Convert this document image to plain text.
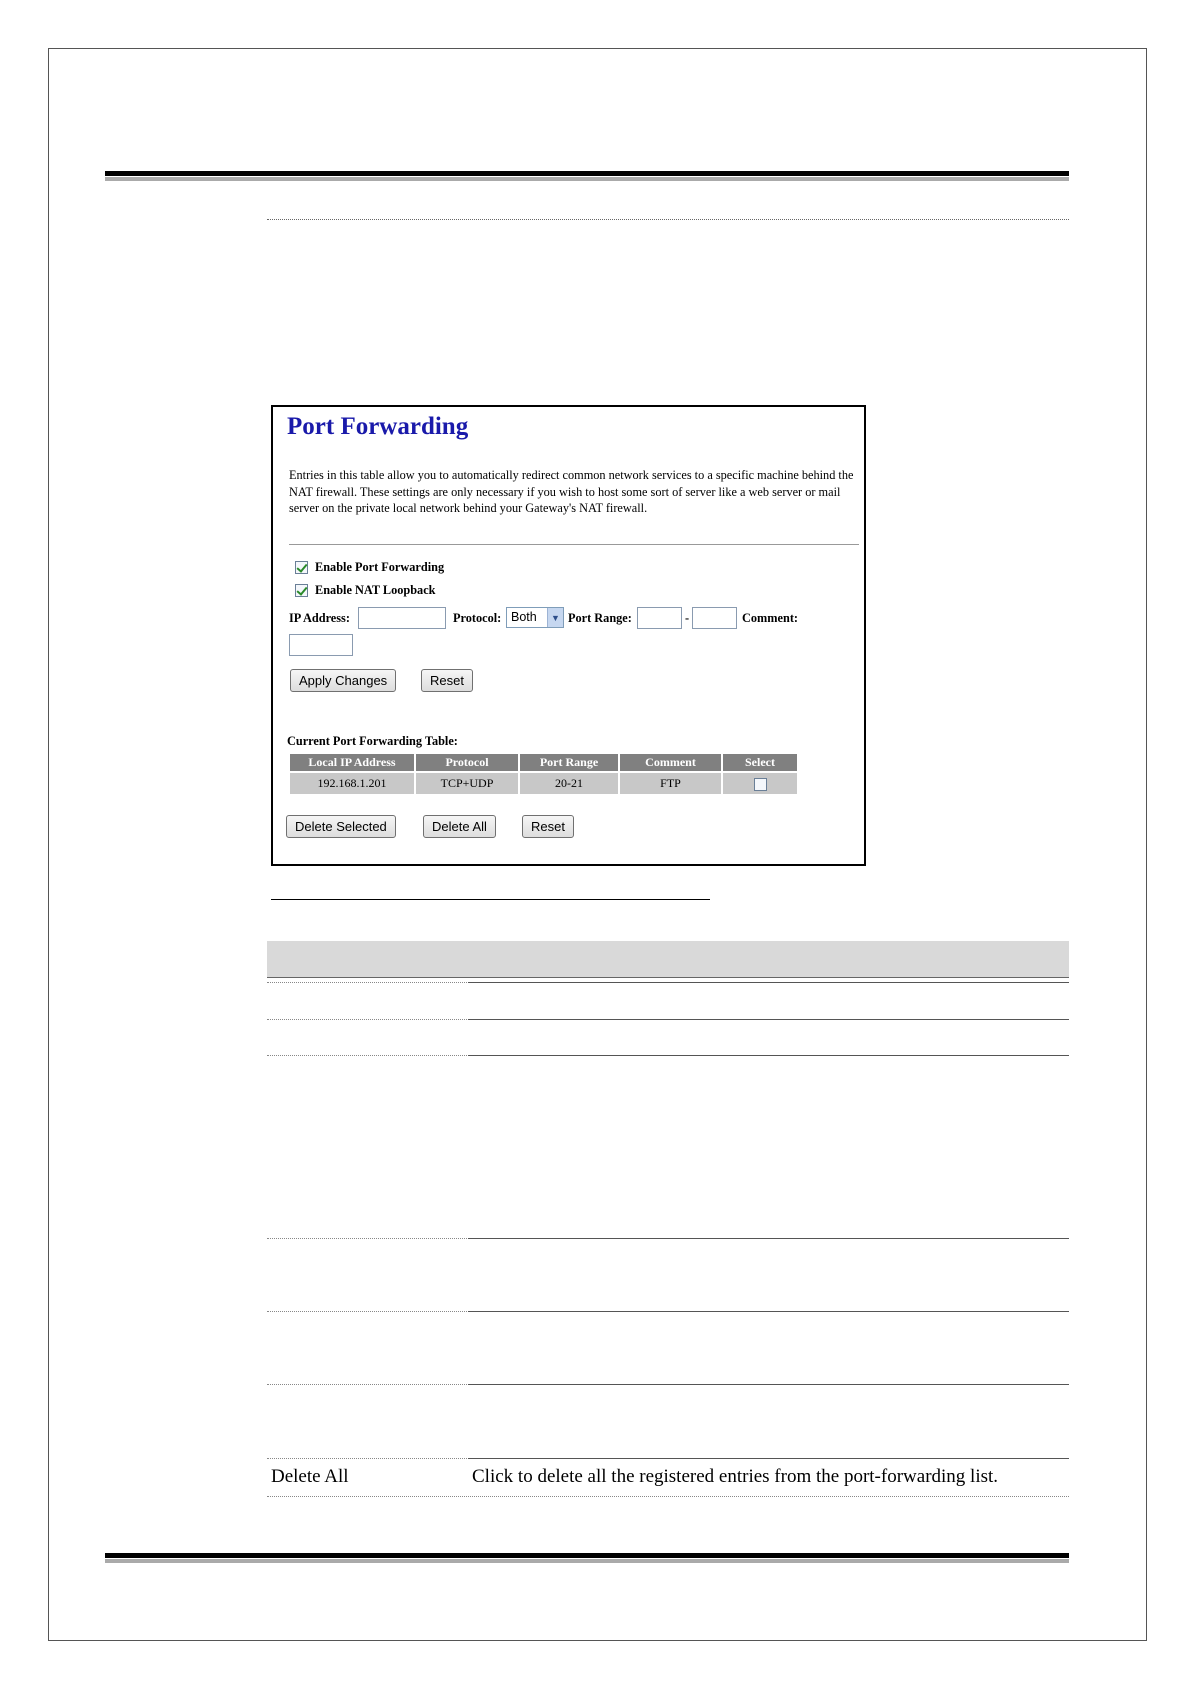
Port Forwarding
Entries in this table allow you to automatically redirect common network services to a specific machine behind the NAT firewall. These settings are only necessary if you wish to host some sort of server like a web server or mail server on the private local network behind your Gateway's NAT firewall.
Enable Port Forwarding
Enable NAT Loopback
IP Address:	Protocol: Both	▼ Port Range:	-	Comment:
Apply Changes	Reset
Current Port Forwarding Table:
Local IP Address	Protocol	Port Range	Comment	Select
192.168.1.201	TCP+UDP	20-21	FTP	
Delete Selected	Delete All	Reset
Delete All	Click to delete all the registered entries from the port-forwarding list.
